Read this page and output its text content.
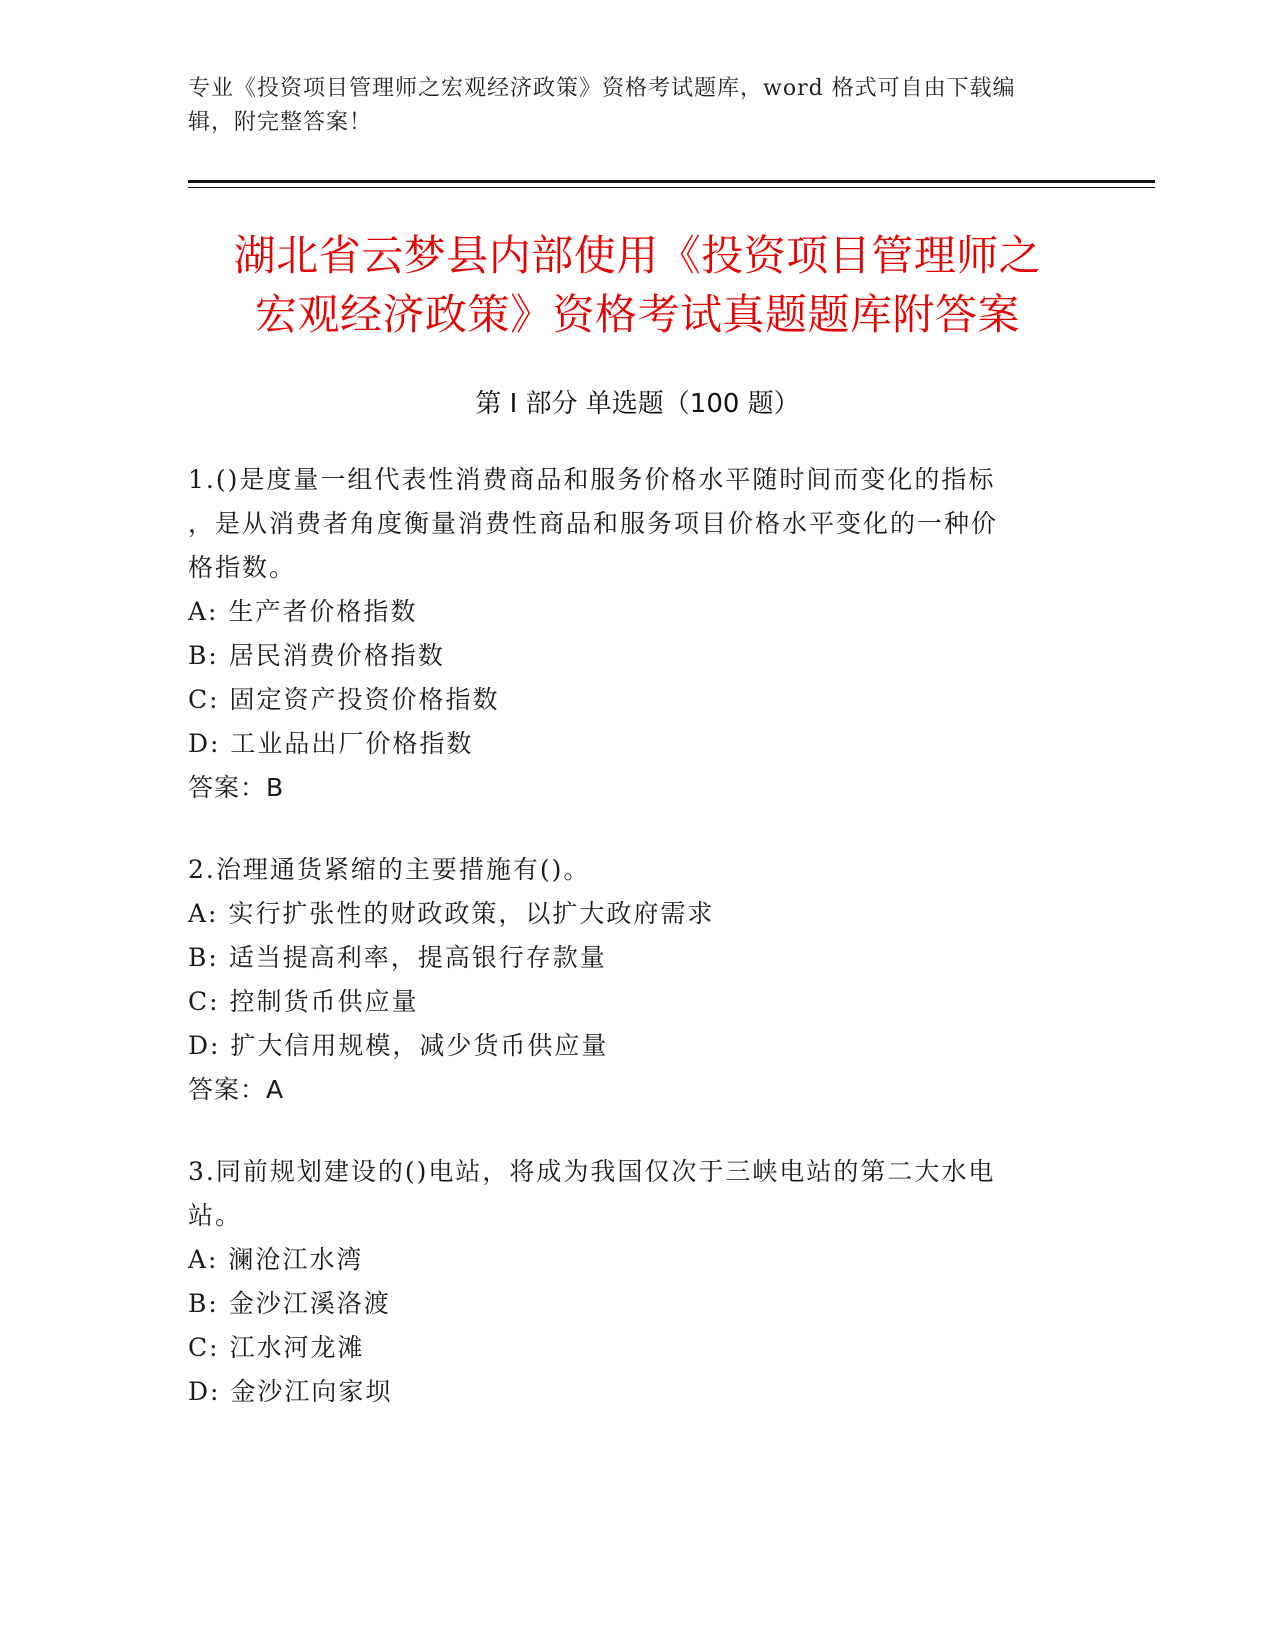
专业《投资项目管理师之宏观经济政策》资格考试题库，word 格式可自由下载编
辑，附完整答案！
湖北省云梦县内部使用《投资项目管理师之
宏观经济政策》资格考试真题题库附答案
第 I 部分 单选题（100 题）
1.()是度量一组代表性消费商品和服务价格水平随时间而变化的指标
，是从消费者角度衡量消费性商品和服务项目价格水平变化的一种价
格指数。
A: 生产者价格指数
B: 居民消费价格指数
C: 固定资产投资价格指数
D: 工业品出厂价格指数
答案：B
2.治理通货紧缩的主要措施有()。
A: 实行扩张性的财政政策，以扩大政府需求
B: 适当提高利率，提高银行存款量
C: 控制货币供应量
D: 扩大信用规模，减少货币供应量
答案：A
3.同前规划建设的()电站，将成为我国仅次于三峡电站的第二大水电
站。
A: 澜沧江水湾
B: 金沙江溪洛渡
C: 江水河龙滩
D: 金沙江向家坝
